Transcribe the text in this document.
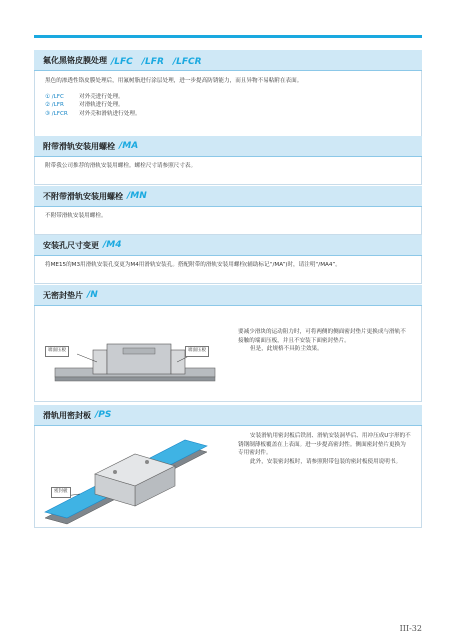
氟化黑铬皮膜处理 /LFC　/LFR　/LFCR

黑色的渗透性铬皮膜处理后，用氟树脂进行涂层处理，进一步提高防锈能力，而且异物不易粘附在表面。

① /LFC	对外壳进行处理。
② /LFR	对滑轨进行处理。
③ /LFCR	对外壳和滑轨进行处理。
附带滑轨安装用螺栓 /MA

附带我公司推荐的滑轨安装用螺栓。螺栓尺寸请参照尺寸表。

不附带滑轨安装用螺栓 /MN

不附带滑轨安装用螺栓。

安装孔尺寸变更 /M4

将ME15的M3用滑轨安装孔变更为M4用滑轨安装孔。搭配附带的滑轨安装用螺栓(辅助标记“/MA”)时，请注明“/MA4”。

无密封垫片 /N
端面压板	端面压板

要减少滑块的运动阻力时，可将两侧的侧面密封垫片更换成与滑轨不接触的端面压板，并且不安装下面密封垫片。

但是，此规格不具防尘效果。

滑轨用密封板 /PS
密封板

安装滑轨用密封板后铁屑、滑轨安装洞毕后、用冲压成U字形的不锈钢制薄板覆盖在上表面。进一步提高密封性。侧面密封垫片更换为专用密封件。

此外，安装密封板时，请参照附带包装的密封板使用说明书。

III-32
